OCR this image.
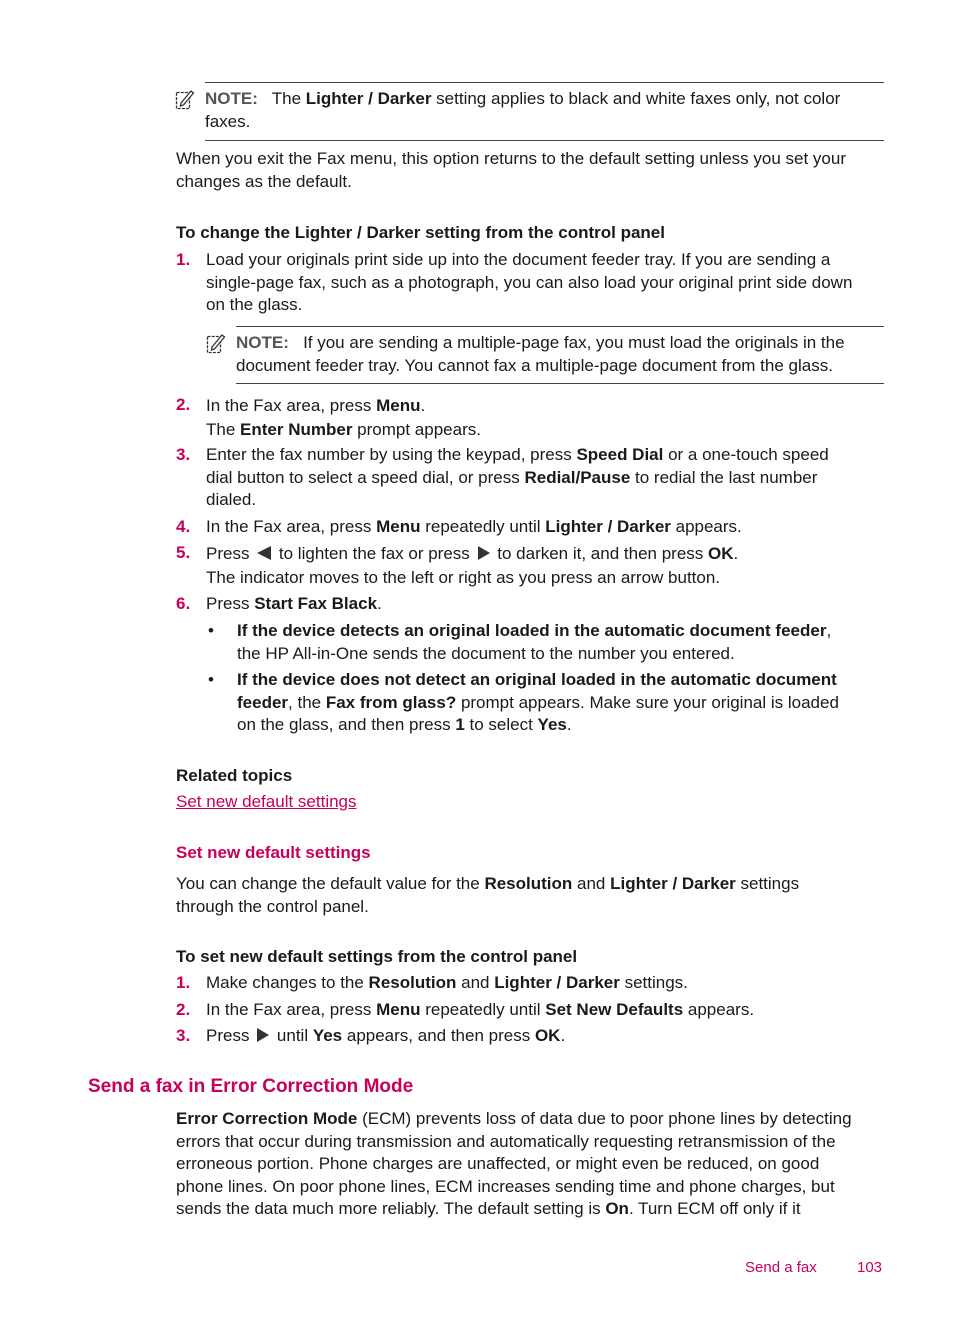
NOTE: The Lighter / Darker setting applies to black and white faxes only, not color
faxes.
When you exit the Fax menu, this option returns to the default setting unless you set your
changes as the default.
To change the Lighter / Darker setting from the control panel
1. Load your originals print side up into the document feeder tray. If you are sending a
single-page fax, such as a photograph, you can also load your original print side down
on the glass.
NOTE: If you are sending a multiple-page fax, you must load the originals in the
document feeder tray. You cannot fax a multiple-page document from the glass.
2. In the Fax area, press Menu.
The Enter Number prompt appears.
3. Enter the fax number by using the keypad, press Speed Dial or a one-touch speed
dial button to select a speed dial, or press Redial/Pause to redial the last number
dialed.
4. In the Fax area, press Menu repeatedly until Lighter / Darker appears.
5. Press  to lighten the fax or press  to darken it, and then press OK.
The indicator moves to the left or right as you press an arrow button.
6. Press Start Fax Black.
• If the device detects an original loaded in the automatic document feeder,
the HP All-in-One sends the document to the number you entered.
• If the device does not detect an original loaded in the automatic document
feeder, the Fax from glass? prompt appears. Make sure your original is loaded
on the glass, and then press 1 to select Yes.
Related topics
Set new default settings
Set new default settings
You can change the default value for the Resolution and Lighter / Darker settings
through the control panel.
To set new default settings from the control panel
1. Make changes to the Resolution and Lighter / Darker settings.
2. In the Fax area, press Menu repeatedly until Set New Defaults appears.
3. Press  until Yes appears, and then press OK.
Send a fax in Error Correction Mode
Error Correction Mode (ECM) prevents loss of data due to poor phone lines by detecting
errors that occur during transmission and automatically requesting retransmission of the
erroneous portion. Phone charges are unaffected, or might even be reduced, on good
phone lines. On poor phone lines, ECM increases sending time and phone charges, but
sends the data much more reliably. The default setting is On. Turn ECM off only if it
Send a fax	103
